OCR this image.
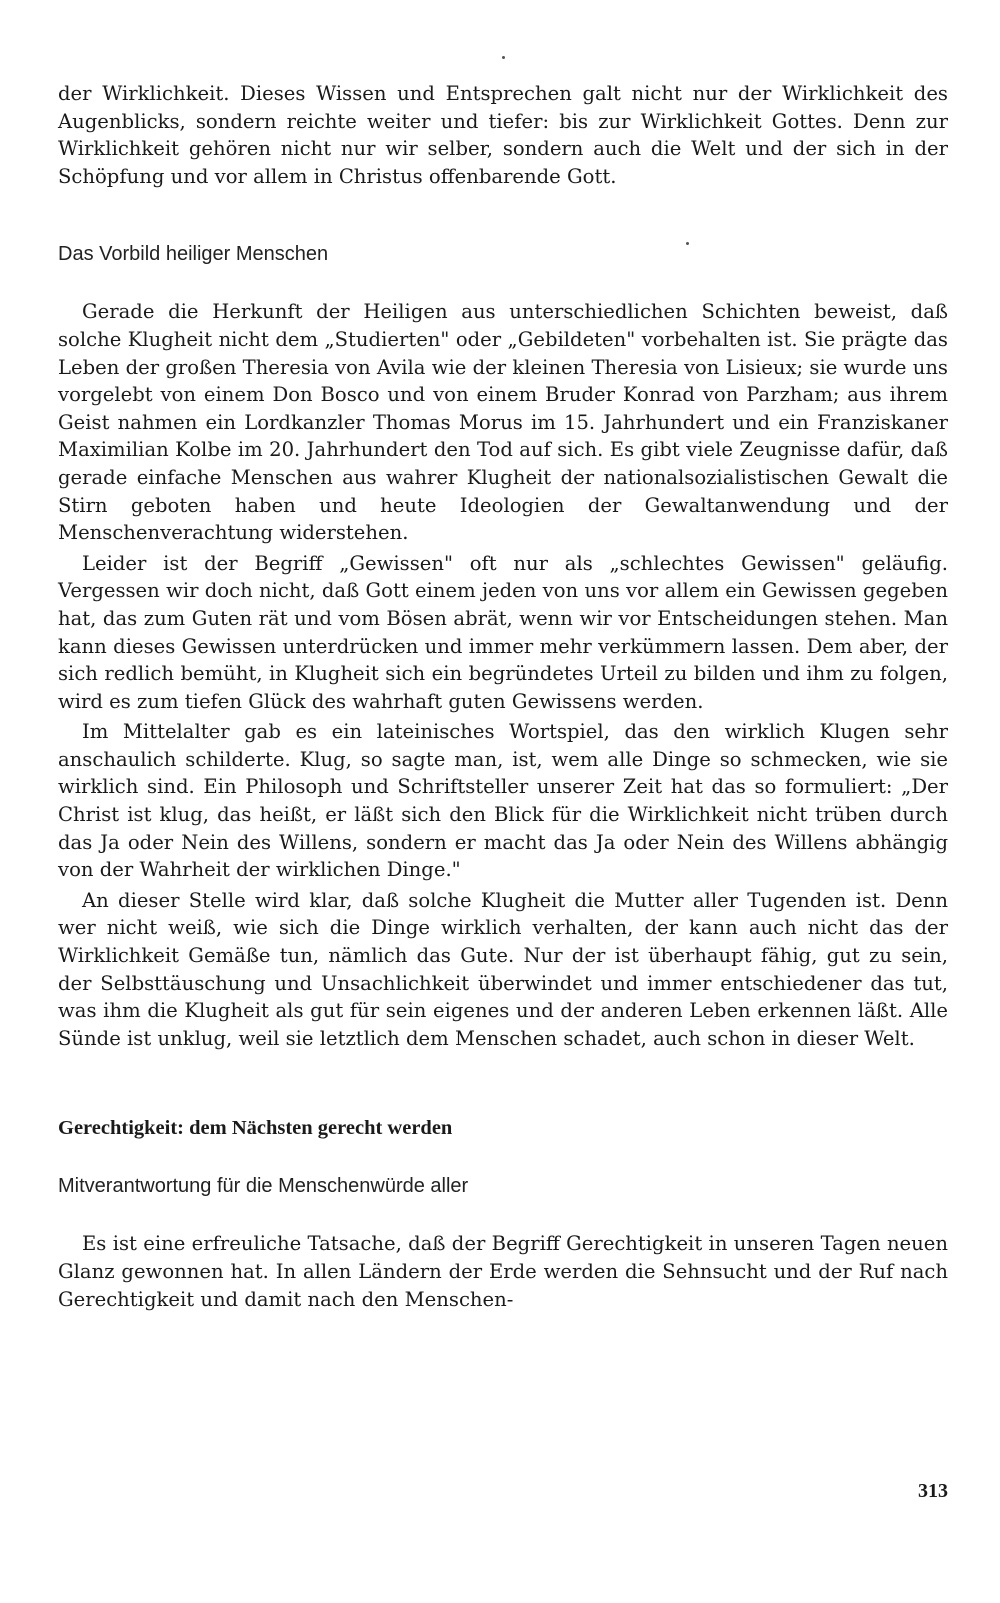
der Wirklichkeit. Dieses Wissen und Entsprechen galt nicht nur der Wirklichkeit des Augenblicks, sondern reichte weiter und tiefer: bis zur Wirklichkeit Gottes. Denn zur Wirklichkeit gehören nicht nur wir selber, sondern auch die Welt und der sich in der Schöpfung und vor allem in Christus offenbarende Gott.

Das Vorbild heiliger Menschen

Gerade die Herkunft der Heiligen aus unterschiedlichen Schichten beweist, daß solche Klugheit nicht dem „Studierten" oder „Gebildeten" vorbehalten ist. Sie prägte das Leben der großen Theresia von Avila wie der kleinen Theresia von Lisieux; sie wurde uns vorgelebt von einem Don Bosco und von einem Bruder Konrad von Parzham; aus ihrem Geist nahmen ein Lordkanzler Thomas Morus im 15. Jahrhundert und ein Franziskaner Maximilian Kolbe im 20. Jahrhundert den Tod auf sich. Es gibt viele Zeugnisse dafür, daß gerade einfache Menschen aus wahrer Klugheit der nationalsozialistischen Gewalt die Stirn geboten haben und heute Ideologien der Gewaltanwendung und der Menschenverachtung widerstehen.

Leider ist der Begriff „Gewissen" oft nur als „schlechtes Gewissen" geläufig. Vergessen wir doch nicht, daß Gott einem jeden von uns vor allem ein Gewissen gegeben hat, das zum Guten rät und vom Bösen abrät, wenn wir vor Entscheidungen stehen. Man kann dieses Gewissen unterdrücken und immer mehr verkümmern lassen. Dem aber, der sich redlich bemüht, in Klugheit sich ein begründetes Urteil zu bilden und ihm zu folgen, wird es zum tiefen Glück des wahrhaft guten Gewissens werden.

Im Mittelalter gab es ein lateinisches Wortspiel, das den wirklich Klugen sehr anschaulich schilderte. Klug, so sagte man, ist, wem alle Dinge so schmecken, wie sie wirklich sind. Ein Philosoph und Schriftsteller unserer Zeit hat das so formuliert: „Der Christ ist klug, das heißt, er läßt sich den Blick für die Wirklichkeit nicht trüben durch das Ja oder Nein des Willens, sondern er macht das Ja oder Nein des Willens abhängig von der Wahrheit der wirklichen Dinge."

An dieser Stelle wird klar, daß solche Klugheit die Mutter aller Tugenden ist. Denn wer nicht weiß, wie sich die Dinge wirklich verhalten, der kann auch nicht das der Wirklichkeit Gemäße tun, nämlich das Gute. Nur der ist überhaupt fähig, gut zu sein, der Selbsttäuschung und Unsachlichkeit überwindet und immer entschiedener das tut, was ihm die Klugheit als gut für sein eigenes und der anderen Leben erkennen läßt. Alle Sünde ist unklug, weil sie letztlich dem Menschen schadet, auch schon in dieser Welt.

Gerechtigkeit: dem Nächsten gerecht werden
Mitverantwortung für die Menschenwürde aller

Es ist eine erfreuliche Tatsache, daß der Begriff Gerechtigkeit in unseren Tagen neuen Glanz gewonnen hat. In allen Ländern der Erde werden die Sehnsucht und der Ruf nach Gerechtigkeit und damit nach den Menschen-

313
